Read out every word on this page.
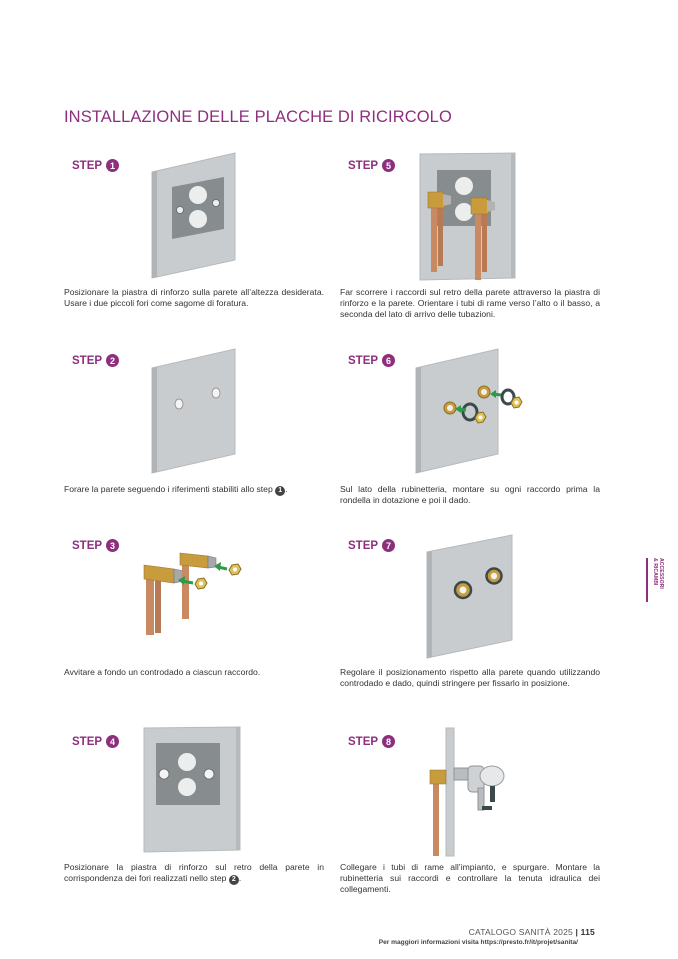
INSTALLAZIONE DELLE PLACCHE DI RICIRCOLO
STEP 1
Posizionare la piastra di rinforzo sulla parete all’altezza desiderata. Usare i due piccoli fori come sagome di foratura.
STEP 2
Forare la parete seguendo i riferimenti stabiliti allo step 1 .
STEP 3
Avvitare a fondo un controdado a ciascun raccordo.
STEP 4
Posizionare la piastra di rinforzo sul retro della parete in corrispondenza dei fori realizzati nello step 2 .
STEP 5
Far scorrere i raccordi sul retro della parete attraverso la piastra di rinforzo e la parete. Orientare i tubi di rame verso l’alto o il basso, a seconda del lato di arrivo delle tubazioni.
STEP 6
Sul lato della rubinetteria, montare su ogni raccordo prima la rondella in dotazione e poi il dado.
STEP 7
Regolare il posizionamento rispetto alla parete quando utilizzando controdado e dado, quindi stringere per fissarlo in posizione.
STEP 8
Collegare i tubi di rame all’impianto, e spurgare. Montare la rubinetteria sui raccordi e controllare la tenuta idraulica dei collegamenti.
ACCESSORI
& RICAMBI
CATALOGO SANITÀ 2025 | 115
Per maggiori informazioni visita https://presto.fr/it/projet/sanita/
